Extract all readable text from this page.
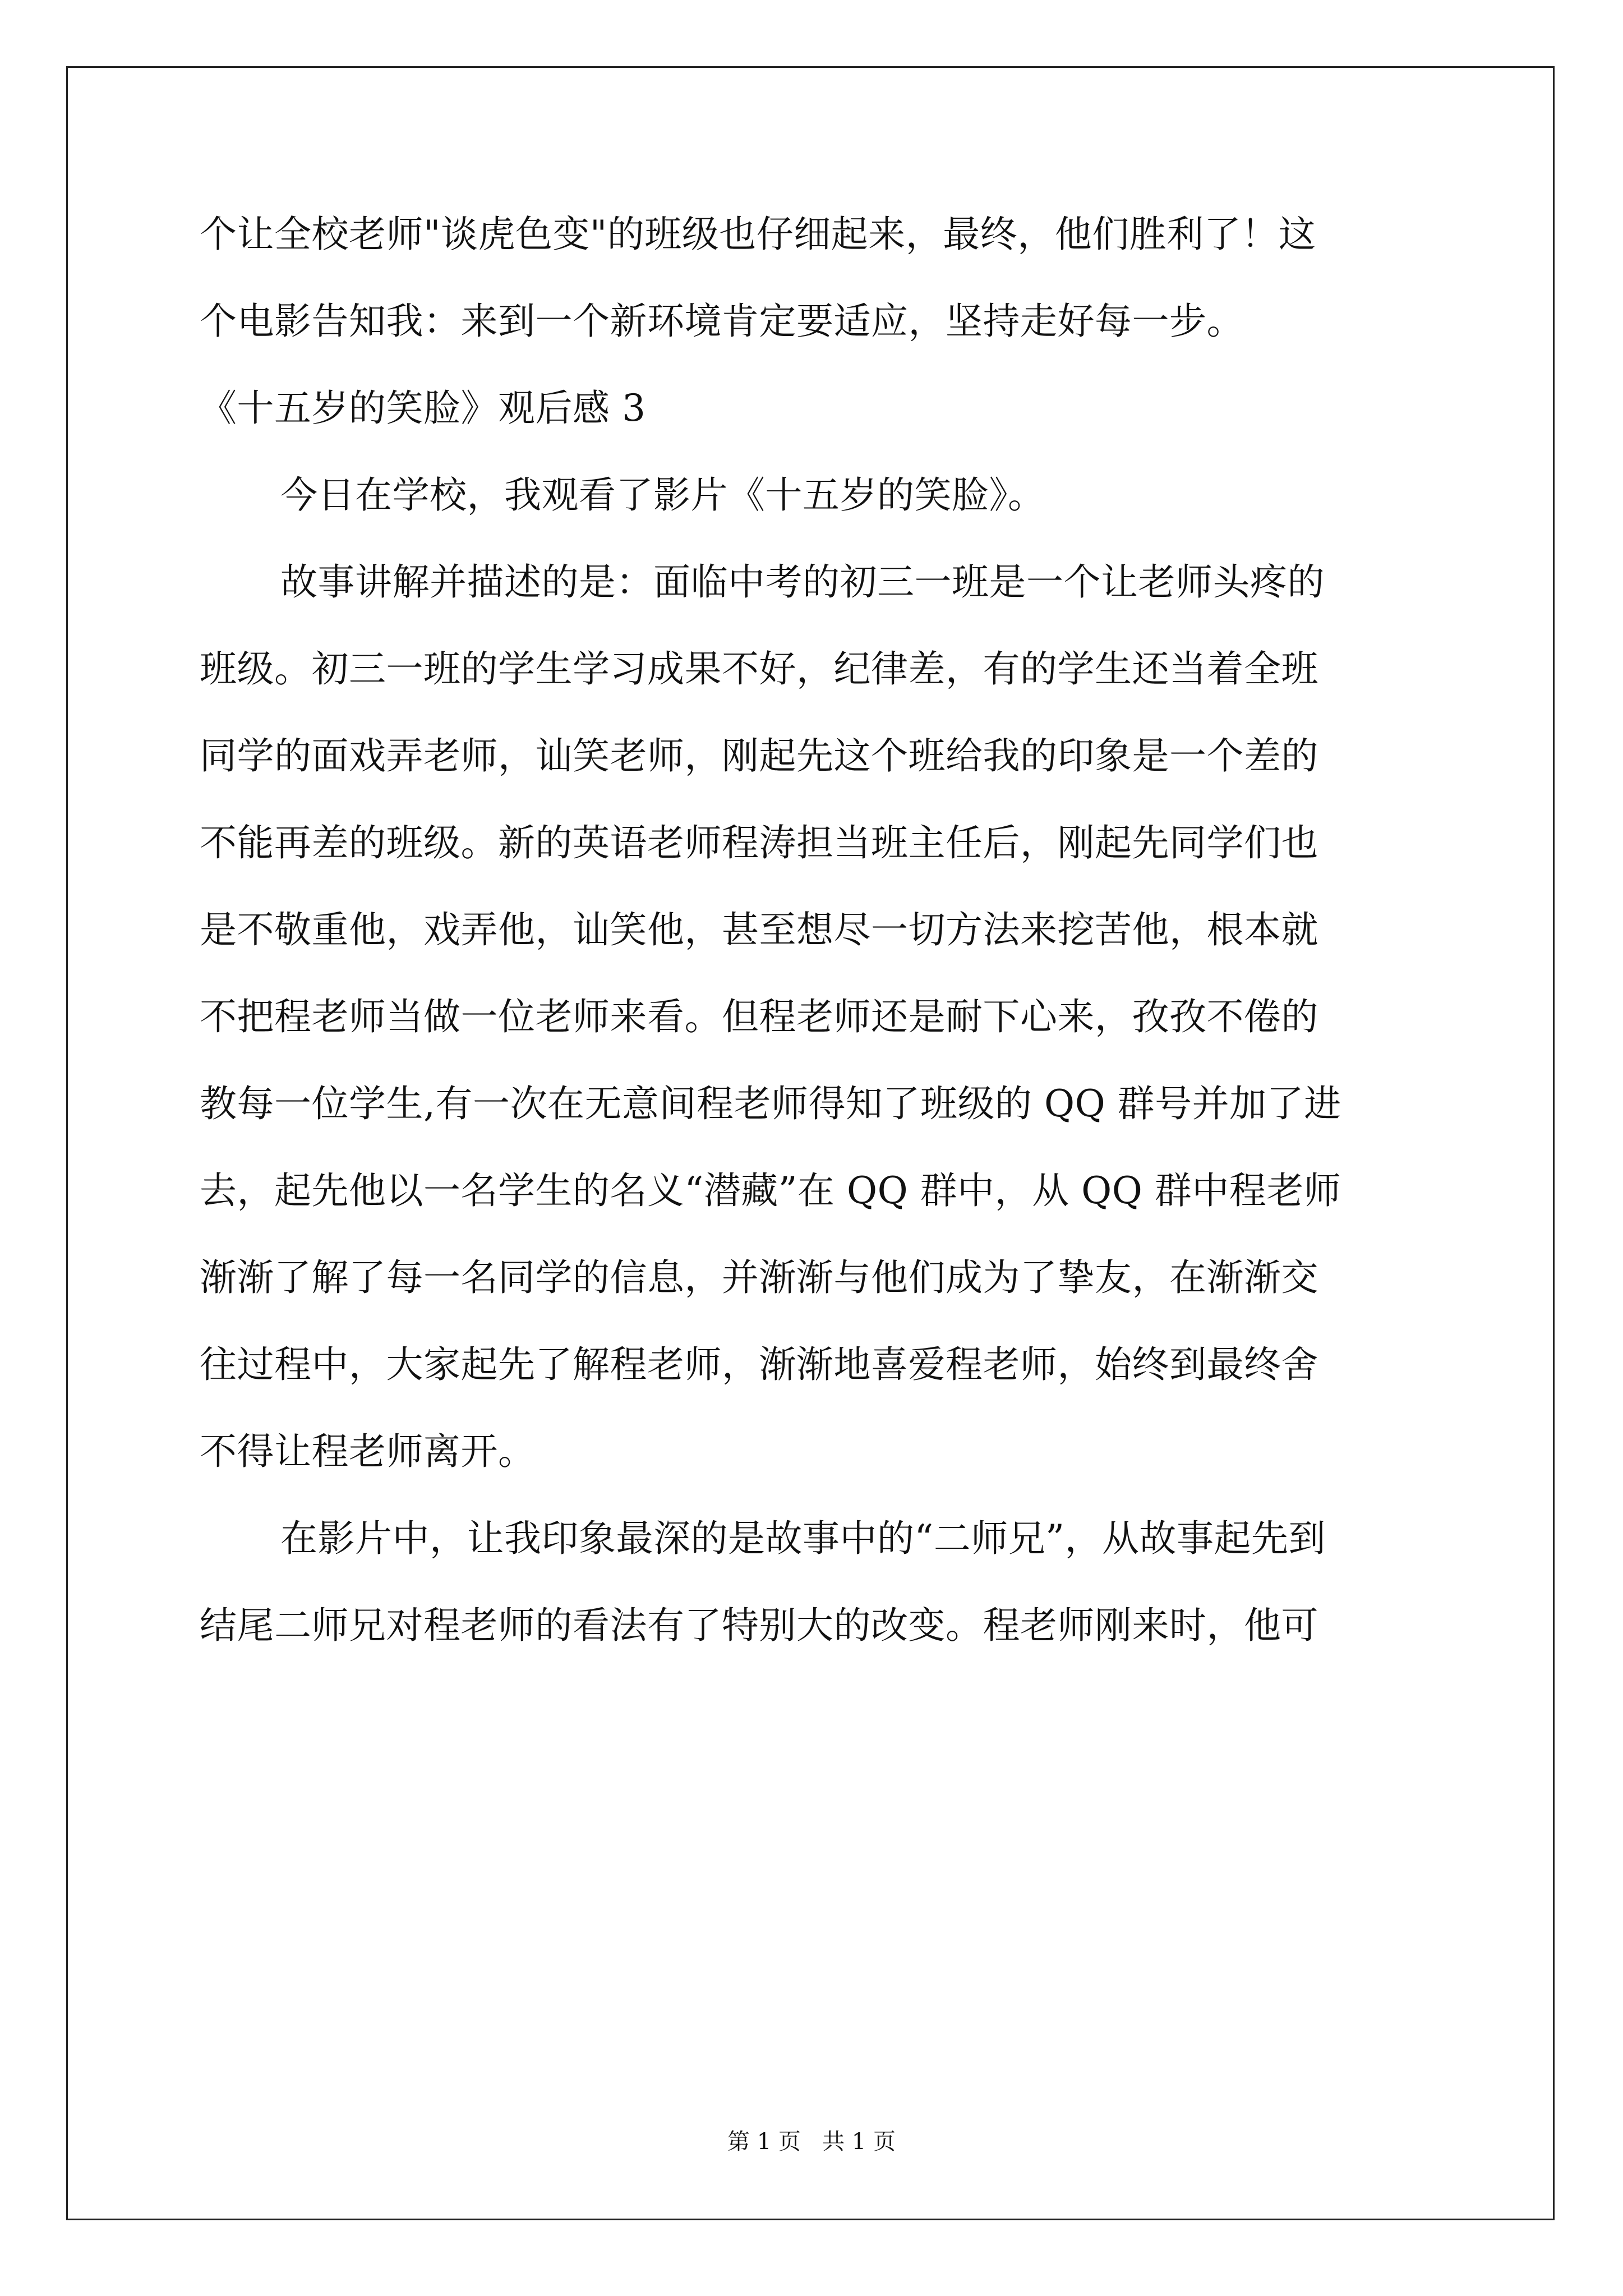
个让全校老师"谈虎色变"的班级也仔细起来，最终，他们胜利了！这
个电影告知我：来到一个新环境肯定要适应，坚持走好每一步。
《十五岁的笑脸》观后感 3
今日在学校，我观看了影片《十五岁的笑脸》。
故事讲解并描述的是：面临中考的初三一班是一个让老师头疼的
班级。初三一班的学生学习成果不好，纪律差，有的学生还当着全班
同学的面戏弄老师，讪笑老师，刚起先这个班给我的印象是一个差的
不能再差的班级。新的英语老师程涛担当班主任后，刚起先同学们也
是不敬重他，戏弄他，讪笑他，甚至想尽一切方法来挖苦他，根本就
不把程老师当做一位老师来看。但程老师还是耐下心来，孜孜不倦的
教每一位学生,有一次在无意间程老师得知了班级的 QQ 群号并加了进
去，起先他以一名学生的名义“潜藏”在 QQ 群中，从 QQ 群中程老师
渐渐了解了每一名同学的信息，并渐渐与他们成为了挚友，在渐渐交
往过程中，大家起先了解程老师，渐渐地喜爱程老师，始终到最终舍
不得让程老师离开。
在影片中，让我印象最深的是故事中的“二师兄”，从故事起先到
结尾二师兄对程老师的看法有了特别大的改变。程老师刚来时，他可
第 1 页   共 1 页
